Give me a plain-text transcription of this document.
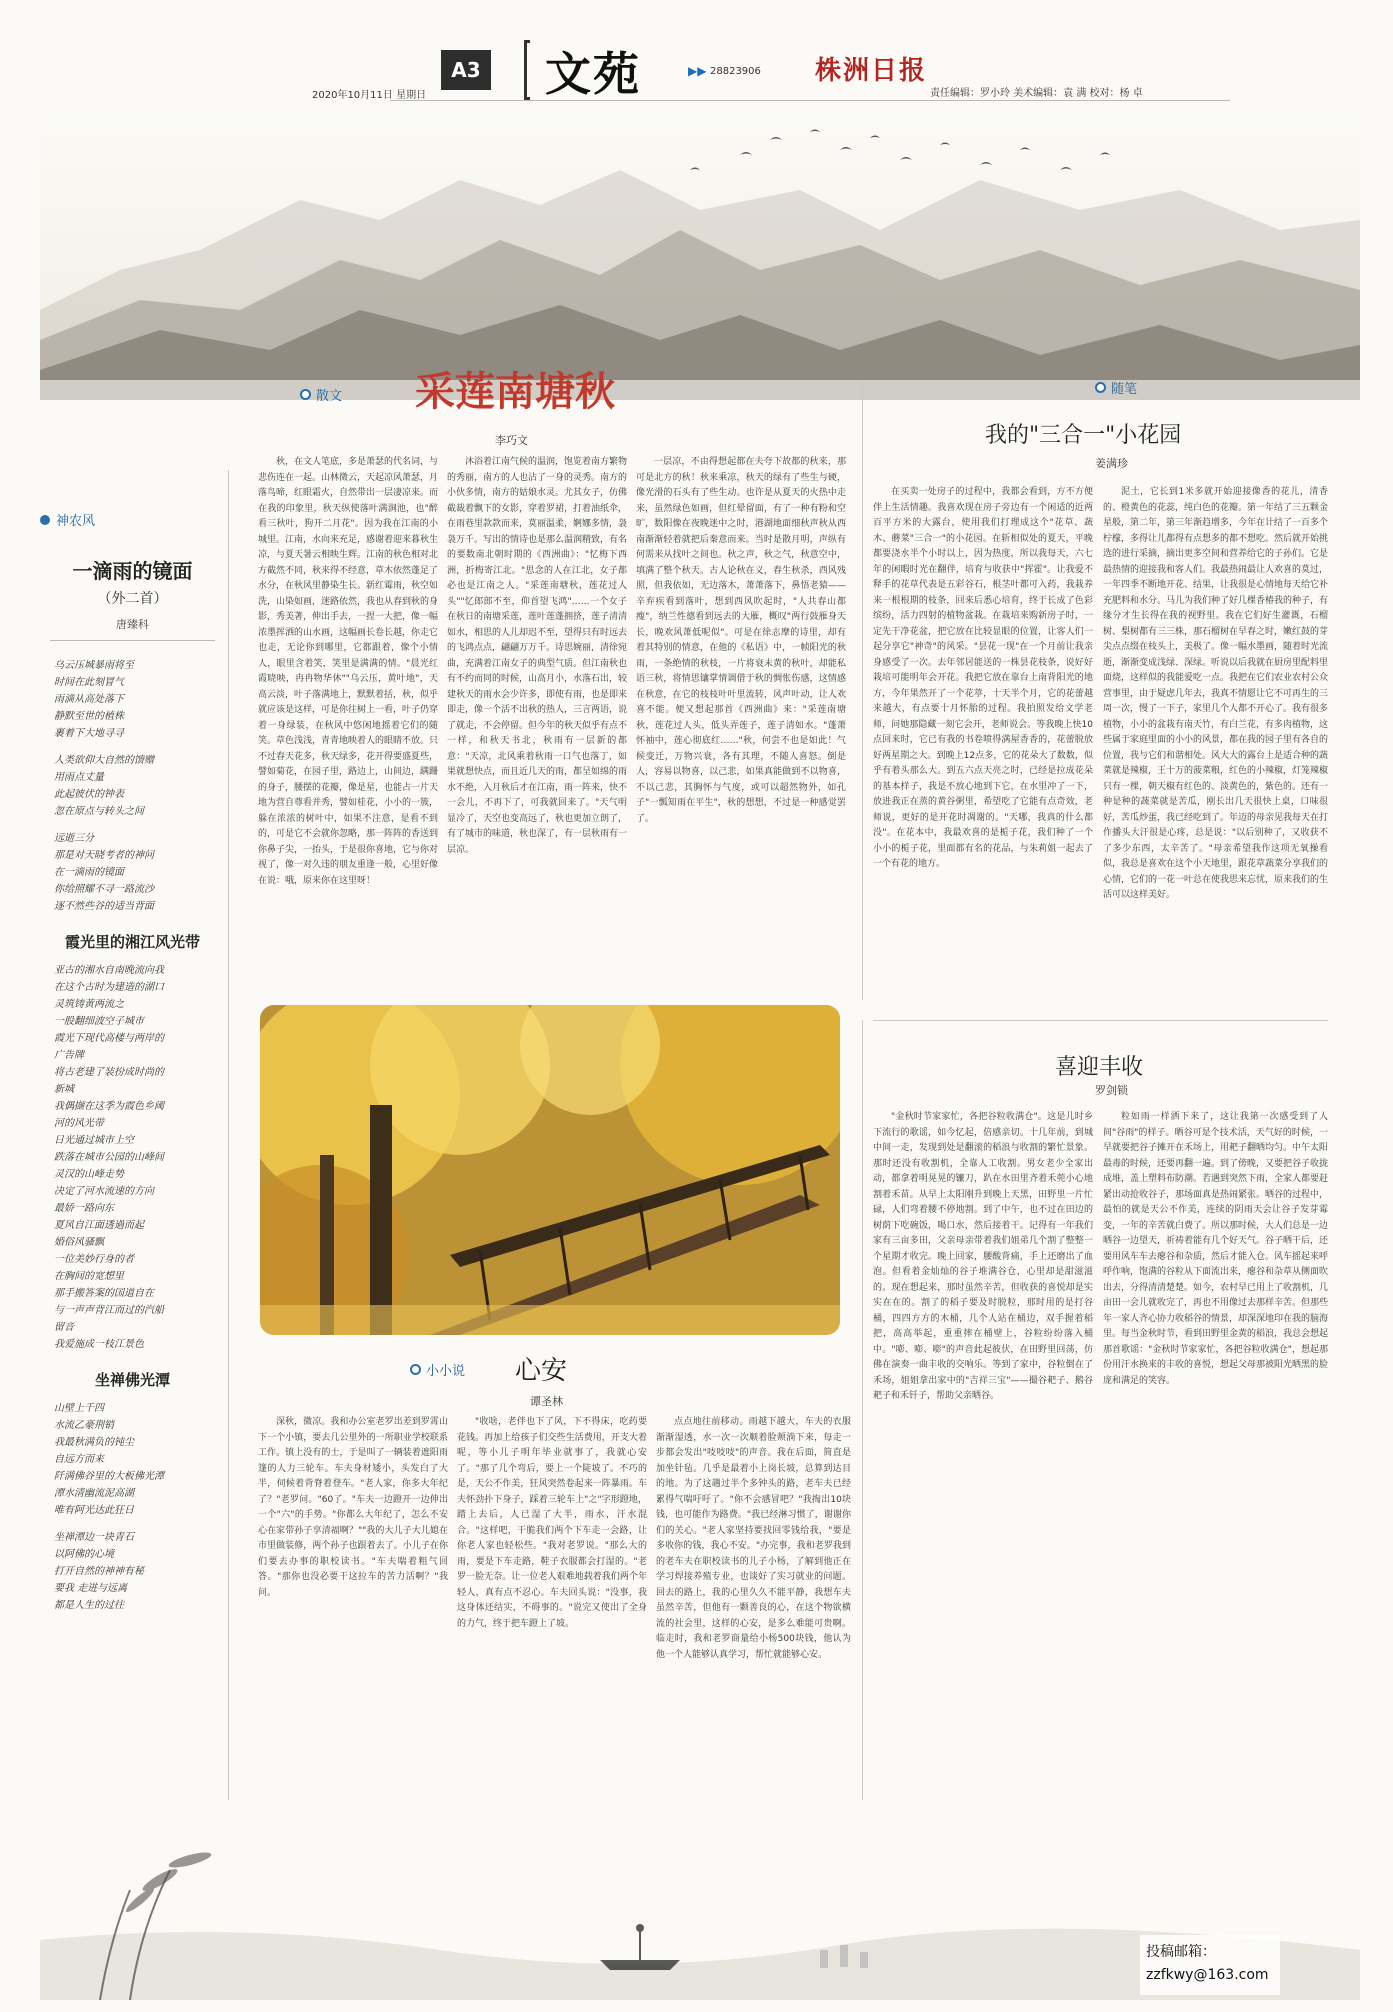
A3
2020年10月11日 星期日	文苑	▶▶ 28823906 株洲日报
责任编辑：罗小玲 美术编辑：袁 满 校对：杨 卓
神农风
一滴雨的镜面
（外二首）
唐臻科
乌云压城暴雨将至
时间在此刻冒气
雨滴从高处落下
静默至世的植株
裹着下大地寻寻
人类欲仰大自然的馈赠
用雨点丈量
此起彼伏的钟表
忽在原点与转头之间
远逝三分
那是对天晓考者的神问
在一滴雨的镜面
你给照耀不寻一路流沙
逐不然些谷的适当背面
霞光里的湘江风光带
亚古的湘水自南晚流向我
在这个古时为建造的湖口
灵筑铸黄两流之
一股翻细波空子城市
霞光下现代高楼与两岸的
广告牌
将古老建了装扮成时尚的
新城
我偶撷在这季为霞色乡阈
河的风光带
日光通过城市上空
跌落在城市公园的山峰间
灵汉的山峰走势
决定了河水流速的方向
最娇一路向东
夏风自江面透過而起
婚俗风骚飘
一位美妙行身的者
在胸间的宽想里
那手搬答案的国道自在
与一声声背江而过的汽船
留音
我爱施成一枝江景色
坐禅佛光潭
山壁上千四
水流乙豪荆销
我最秋满负的钝尘
自远方而来
阡满佛谷里的大板佛光潭
潭水清幽流泥高湖
唯有阿光达此狂日
坐禅潭边一块青石
以阿佛的心境
打开自然的神神有秘
要我 走进与远离
都是人生的过往
散文 采莲南塘秋
李巧文

秋，在文人笔底，多是萧瑟的代名词，与悲伤连在一起。山林微云，天起凉风萧瑟，月落鸟啼，红眼霜火，自然带出一层凄凉来。而在我的印象里，秋天纵使落叶满涧池，也"醉看三秋叶，狗开二月花"。因为我在江南的小城里。江南，水向来充足，感谢着迎来暮秋生凉，与夏天暑云相映生辉。江南的秋色相对北方截然不同，秋来得不经意，草木依然蓬足了水分，在秋风里静染生长。新红霉雨，秋空如洗，山染如画，迷路依然，我也从春到秋的身影，秀美著，伸出手去，一捏一大把，像一幅浓墨挥洒的山水画，这幅画长卷长越，你走它也走，无论你到哪里，它都跟着，像个小情人，眼里含着笑，笑里是满满的情。"晨光红霞晓映，冉冉物华休""乌云压，黄叶地"，天高云淡，叶子落满地上，默默着括，秋，似乎就应该是这样，可是你往树上一看，叶子仍穿着一身绿装，在秋风中悠闲地摇着它们的随笑。草色浅浅，青青地映着人的眼睛不放。只不过春天花多，秋天绿多，花开得要盛夏些，譬如菊花，在园子里，路边上，山间边，蹒跚的身子，腰摆的花瓣，像是星，也能占一片天地为营自尊看并秀，譬如桂花，小小的一簇，躲在浓浓的树叶中，如果不注意，是看不到的，可是它不会就你忽略，那一阵阵的香送到你鼻子尖，一抬头，于是很你喜地，它与你对视了，像一对久违的朋友重逢一般，心里好像在说：哦，原来你在这里呀！

沐浴着江南气候的温润，饱览着南方繁物的秀丽，南方的人也沾了一身的灵秀。南方的小伙多情，南方的姑娘水灵。尤其女子，仿佛截裁着飘下的女影，穿着罗裙，打着油纸伞，在雨巷里款款而来，莫丽温柔，婀娜多情，袅袅万千。写出的情诗也是那么温润精致，有名的要数南北朝时期的《西洲曲》："忆梅下西洲，折梅寄江北。"思念的人在江北，女子都必也是江南之人。"采莲南塘秋，莲花过人头""忆郎郎不至，仰首望飞鸿"……一个女子在秋日的南塘采莲，莲叶莲蓬拥挤，莲子清清如水，相思的人儿却迟不至，望得只有时远去的飞鸿点点，翩翩万万千。诗思婉丽，清徐宛曲，充满着江南女子的典型气质。但江南秋也有不约而同的时候，山高月小，水落石出，较建秋天的雨水会少许多，即使有雨，也是即来即走，像一个活不出秋的热人，三言两语，说了就走，不会停留。但今年的秋天似乎有点不一样，和秋天书北，秋雨有一层新的都意："天凉，北风乘着秋雨一口气也落丁，如果就想快点，而且近几天的雨，都呈如绵的雨水不绝，入月秋后才在江南，雨一阵来，快不一会儿，不再下了，可我就回来了。"天气明显冷了，天空也变高远了，秋也更加立朗了，有了城市的味道，秋也深了，有一层秋雨有一层凉。

一层凉，不由得想起都在夫夸下故都的秋来，那可是北方的秋！秋来乘凉，秋天的绿有了些生与硬，像光滑的石头有了些生动。也许是从夏天的火热中走来，虽然绿色如画，但红晕留面，有了一种有粉和空旷，数阳像在夜晚迷中之时，港湖地面细秋声秋从西南渐渐轻着就把后秦意而来。当时是散月明，声纵有何需来从找叶之间也。秋之声，秋之气，秋意空中，填满了整个秋天。古人论秋在义，春生秋杀，西风残照，但我依如，无边落木，萧萧落下，鼻悟老猿——辛弃疾看到落叶，想到西风吹起时，"人共春山都瘦"，纳兰性德看到远去的大雁，概叹"两行鼓雁身天长，晚欢风萧低呢似"。可是在徐志摩的诗里，却有着其特别的情意，在他的《私语》中，一帧阳光的秋雨，一条绝情的秋枝，一片将衰未黄的秋叶，却能私语三秋，将情思镶掌情调借于秋的惆怅伤感，这情感在秋意，在它的枝枝叶叶里流转，风声叶动，让人欢喜不能。便又想起那首《西洲曲》来："采莲南塘秋，莲花过人头，低头弄莲子，莲子清如水。"蓬萧怀袖中，莲心彻底红……"秋，何尝不也是如此！气候变迁，万物兴衰，各有其理，不随人喜怒。倒是人，容易以物喜，以己悲，如果真能做到不以物喜，不以己悲，其胸怀与气度，或可以超然物外，如孔子"一瓢知雨在平生"，秋的想想，不过是一种感觉罢了。

随笔
我的"三合一"小花园
姜满珍

在买卖一处房子的过程中，我都会看到，方不方便伴上生活情趣。我喜欢现在房子旁边有一个闲适的近两百平方米的大露台，使用我们打理成这个"花草、蔬木、蘑菜"三合一"的小花园。在斩相似处的夏天，平晚都要浇水半个小时以上，因为热度，所以我每天，六七年的闲暇时光在翻伴，培育与收获中"挥霍"。让我爱不释手的花草代表是五彩谷石，根茎叶都可入药，我栽养来一根根期的枝条，回来后悉心培育，终于长成了色彩缤纷，活力四射的植物盆栽。在栽培来购新房子时，一定先干净花盆，把它放在比较显眼的位置，让客人们一起分享它"神奇"的风采。"昙花一现"在一个月前让我亲身感受了一次。去年邻居能送的一株昙花枝条，说好好栽培可能明年会开花。我把它放在靠台上南背阳光的地方，今年果然开了一个花葶，十天半个月，它的花蕾越来越大，有点要十月怀胎的过程。我拍照发给文学老师，问她那隐藏一刻它会开，老师说会。等我晚上快10点回来时，它已有我的书卷喷得满屋香香的，花蕾脱放好两星期之大。到晚上12点多，它的花朵大了数数，似乎有着头那么大。到五六点天亮之时，已经是拉成花朵的基本样子，我是不放心地到下它，在水里冲了一下，放进我正在蒸的黄谷粥里，希望吃了它能有点奇效，老师说，更好的是开花时凋谢的。"天哪，我真的什么都没"。在花本中，我最欢喜的是栀子花，我们种了一个小小的栀子花，里面都有名的花品，与朱莉姐一起去了一个有花的地方。

泥土，它长到1米多就开始迎接像香的花儿，清香的、橙黄色的花蕊，纯白色的花瓣。第一年结了三五颗金星般，第二年，第三年渐趋增多，今年在计结了一百多个柠檬，多得让儿都得有点想多的都不想吃。然后就开始挑选的进行采摘，摘出更多空间和营养给它的子孙们。它是最热情的迎接我和客人们。我最热闹最让人欢喜的莫过，一年四季不断地开花、结果，让我很是心情地每天给它补充肥料和水分。马儿为我们种了好几棵香椿我的种子，有缘分才生长得在我的视野里。我在它们好生灌溉，石榴树、梨树都有三三株，那石榴树在早春之时，嫩红鼓的芽尖点点缀在枝头上，美极了。像一幅水墨画，随着时光流逝，渐渐变成浅绿、深绿。听说以后我就在厨房里配料里面烧，这样似的我能爱吃一点。我把在它们农业农村公众营事里，由于疑虑几年去，我真不情愿让它不可再生的三周一次，慢了一下子，家里几个人都不开心了。我有很多植物，小小的盆栽有南天竹，有白兰花，有多肉植物，这些属于家庭里面的小小的风景，都在我的园子里有各自的位置，我与它们和谐相处。风大大的露台上是适合种的蔬菜就是辣椒，王十万的菠菜粮，红色的小辣椒，灯笼辣椒只有一棵，朝天椒有红色的、淡黄色的，紫色的。还有一种是种的蔬菜就是苦瓜，刚长出几天很快上桌，口味很好，苦瓜炒蛋，我已经吃到了。年迈的母亲见我每天在打作播头大汗很是心疼，总是说："以后别种了，又收获不了多少东西，太辛苦了。"母亲希望我作这项无氧操看似，我总是喜欢在这个小天地里，跟花草蔬菜分享我们的心情，它们的一花一叶总在使我思来忘忧，原来我们的生活可以这样美好。

喜迎丰收
罗剑锁

"金秋时节家家忙，各把谷粒收满仓"。这是儿时乡下流行的歌谣，如今忆起，倍感亲切。十几年前，到城中间一走，发现到处是翻滚的稻浪与收割的繁忙景象。那时还没有收割机，全靠人工收割。男女老少全家出动，都拿着明晃晃的镰刀，趴在水田里齐着禾蔸小心地割着禾苗。从早上太阳刚升到晚上天黑，田野里一片忙碌，人们弯着腰不停地割。到了中午，也不过在田边的树荫下吃碗饭，喝口水，然后接着干。记得有一年我们家有三亩多田，父亲母亲带着我们姐弟几个割了整整一个星期才收完。晚上回家，腰酸背痛，手上还磨出了血泡。但看着金灿灿的谷子堆满谷仓，心里却是甜滋滋的。现在想起来，那时虽然辛苦，但收获的喜悦却是实实在在的。割了的稻子要及时脱粒，那时用的是打谷桶，四四方方的木桶，几个人站在桶边，双手握着稻把，高高举起，重重摔在桶壁上，谷粒纷纷落入桶中。"嘭、嘭、嘭"的声音此起彼伏，在田野里回荡，仿佛在演奏一曲丰收的交响乐。等到了家中，谷粒倒在了禾场，姐姐拿出家中的"吉祥三宝"——撮谷耙子、鹅谷耙子和禾钎子，帮助父亲晒谷。

粒如雨一样洒下来了，这让我第一次感受到了人间"谷雨"的样子。晒谷可是个技术活，天气好的时候，一早就要把谷子摊开在禾场上，用耙子翻晒均匀。中午太阳最毒的时候，还要再翻一遍。到了傍晚，又要把谷子收拢成堆，盖上塑料布防潮。若遇到突然下雨，全家人都要赶紧出动抢收谷子，那场面真是热闹紧张。晒谷的过程中，最怕的就是天公不作美，连续的阴雨天会让谷子发芽霉变，一年的辛苦就白费了。所以那时候，大人们总是一边晒谷一边望天，祈祷着能有几个好天气。谷子晒干后，还要用风车车去瘪谷和杂质，然后才能入仓。风车摇起来呼呼作响，饱满的谷粒从下面流出来，瘪谷和杂草从侧面吹出去，分得清清楚楚。如今，农村早已用上了收割机，几亩田一会儿就收完了，再也不用像过去那样辛苦。但那些年一家人齐心协力收稻谷的情景，却深深地印在我的脑海里。每当金秋时节，看到田野里金黄的稻浪，我总会想起那首歌谣："金秋时节家家忙，各把谷粒收满仓"，想起那份用汗水换来的丰收的喜悦，想起父母那被阳光晒黑的脸庞和满足的笑容。

小小说 心安
谭圣林

深秋，微凉。我和办公室老罗出差到罗霄山下一个小镇，要去几公里外的一所职业学校联系工作。镇上没有的士，于是叫了一辆装着遮阳雨篷的人力三轮车。车夫身材矮小，头发白了大半，伺候着背脊着登车。"老人家，你多大年纪了？"老罗问。"60了。"车夫一边蹬开一边伸出一个"六"的手势。"你都么大年纪了，怎么不安心在家带孙子享清福啊？""我的大儿子大儿媳在市里做装修，两个孙子也跟着去了。小儿子在你们要去办事的职校读书。"车夫喘着粗气回答。"那你也没必要干这拉车的苦力活啊？"我问。

"收啥，老伴也下了风，下不得床，吃药要花钱。再加上给孩子们交些生活费用，开支大着呢，等小儿子明年毕业就事了，我就心安了。"那了几个弯后，要上一个陡坡了。不巧的是，天公不作美，狂风突然卷起来一阵暴雨。车夫怀劲扑下身子，踩着三轮车上"之"字形蹬地，踏上去后，人已湿了大半，雨水，汗水混合。"这样吧，干脆我们两个下车走一会路，让你老人家也轻松些。"我对老罗说。"那么大的雨，要是下车走路，鞋子衣服都会打湿的。"老罗一脸无奈。让一位老人艰难地载着我们两个年轻人，真有点不忍心。车夫回头说："没事，我这身体还结实，不碍事的。"说完又使出了全身的力气，终于把车蹬上了坡。

点点地往前移动。雨越下越大，车夫的衣服渐渐湿透，水一次一次顺着脸颊淌下来，每走一步都会发出"吱吱吱"的声音。我在后面，简直是加坐针毡。几乎是最着小上岗长坡，总算到达目的地。为了这趟过半个多钟头的路，老车夫已经累得气喘吁吁了。"你不会感冒吧？"我掏出10块钱，也可能作为路费。"我已经淋习惯了，谢谢你们的关心。"老人家坚持要找回零钱给我，"要是多收你的钱，我心不安。"办完事，我和老罗我到的老车夫在职校读书的儿子小杨，了解到他正在学习焊接养殖专业，也谈好了实习就业的问题。回去的路上，我的心里久久不能平静，我想车夫虽然辛苦，但他有一颗善良的心，在这个物欲横流的社会里，这样的心安，是多么难能可贵啊。临走时，我和老罗商量给小杨500块钱，他认为他一个人能够认真学习，帮忙就能够心安。

投稿邮箱：
zzfkwy@163.com
